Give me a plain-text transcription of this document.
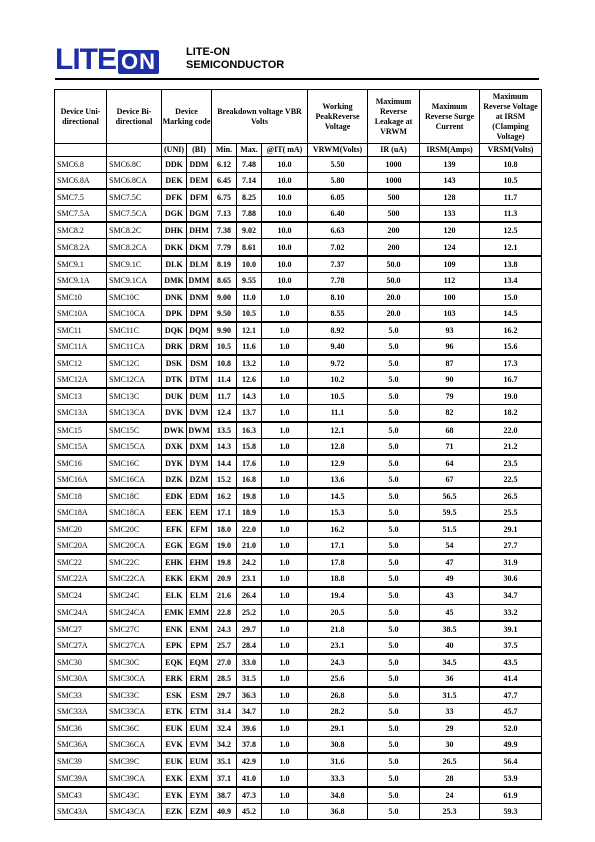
LITE ON	LITE-ON
SEMICONDUCTOR
Device Uni- directional	Device Bi- directional	Device Marking code		Breakdown voltage VBR Volts			Working PeakReverse Voltage	Maximum Reverse Leakage at VRWM	Maximum Reverse Surge Current	Maximum Reverse Voltage at IRSM (Clamping Voltage)
		(UNI)	(BI)	Min.	Max.	@IT( mA)	VRWM(Volts)	IR (uA)	IRSM(Amps)	VRSM(Volts)
SMC6.8	SMC6.8C	DDK	DDM	6.12	7.48	10.0	5.50	1000	139	10.8
SMC6.8A	SMC6.8CA	DEK	DEM	6.45	7.14	10.0	5.80	1000	143	10.5
SMC7.5	SMC7.5C	DFK	DFM	6.75	8.25	10.0	6.05	500	128	11.7
SMC7.5A	SMC7.5CA	DGK	DGM	7.13	7.88	10.0	6.40	500	133	11.3
SMC8.2	SMC8.2C	DHK	DHM	7.38	9.02	10.0	6.63	200	120	12.5
SMC8.2A	SMC8.2CA	DKK	DKM	7.79	8.61	10.0	7.02	200	124	12.1
SMC9.1	SMC9.1C	DLK	DLM	8.19	10.0	10.0	7.37	50.0	109	13.8
SMC9.1A	SMC9.1CA	DMK	DMM	8.65	9.55	10.0	7.78	50.0	112	13.4
SMC10	SMC10C	DNK	DNM	9.00	11.0	1.0	8.10	20.0	100	15.0
SMC10A	SMC10CA	DPK	DPM	9.50	10.5	1.0	8.55	20.0	103	14.5
SMC11	SMC11C	DQK	DQM	9.90	12.1	1.0	8.92	5.0	93	16.2
SMC11A	SMC11CA	DRK	DRM	10.5	11.6	1.0	9.40	5.0	96	15.6
SMC12	SMC12C	DSK	DSM	10.8	13.2	1.0	9.72	5.0	87	17.3
SMC12A	SMC12CA	DTK	DTM	11.4	12.6	1.0	10.2	5.0	90	16.7
SMC13	SMC13C	DUK	DUM	11.7	14.3	1.0	10.5	5.0	79	19.0
SMC13A	SMC13CA	DVK	DVM	12.4	13.7	1.0	11.1	5.0	82	18.2
SMC15	SMC15C	DWK	DWM	13.5	16.3	1.0	12.1	5.0	68	22.0
SMC15A	SMC15CA	DXK	DXM	14.3	15.8	1.0	12.8	5.0	71	21.2
SMC16	SMC16C	DYK	DYM	14.4	17.6	1.0	12.9	5.0	64	23.5
SMC16A	SMC16CA	DZK	DZM	15.2	16.8	1.0	13.6	5.0	67	22.5
SMC18	SMC18C	EDK	EDM	16.2	19.8	1.0	14.5	5.0	56.5	26.5
SMC18A	SMC18CA	EEK	EEM	17.1	18.9	1.0	15.3	5.0	59.5	25.5
SMC20	SMC20C	EFK	EFM	18.0	22.0	1.0	16.2	5.0	51.5	29.1
SMC20A	SMC20CA	EGK	EGM	19.0	21.0	1.0	17.1	5.0	54	27.7
SMC22	SMC22C	EHK	EHM	19.8	24.2	1.0	17.8	5.0	47	31.9
SMC22A	SMC22CA	EKK	EKM	20.9	23.1	1.0	18.8	5.0	49	30.6
SMC24	SMC24C	ELK	ELM	21.6	26.4	1.0	19.4	5.0	43	34.7
SMC24A	SMC24CA	EMK	EMM	22.8	25.2	1.0	20.5	5.0	45	33.2
SMC27	SMC27C	ENK	ENM	24.3	29.7	1.0	21.8	5.0	38.5	39.1
SMC27A	SMC27CA	EPK	EPM	25.7	28.4	1.0	23.1	5.0	40	37.5
SMC30	SMC30C	EQK	EQM	27.0	33.0	1.0	24.3	5.0	34.5	43.5
SMC30A	SMC30CA	ERK	ERM	28.5	31.5	1.0	25.6	5.0	36	41.4
SMC33	SMC33C	ESK	ESM	29.7	36.3	1.0	26.8	5.0	31.5	47.7
SMC33A	SMC33CA	ETK	ETM	31.4	34.7	1.0	28.2	5.0	33	45.7
SMC36	SMC36C	EUK	EUM	32.4	39.6	1.0	29.1	5.0	29	52.0
SMC36A	SMC36CA	EVK	EVM	34.2	37.8	1.0	30.8	5.0	30	49.9
SMC39	SMC39C	EUK	EUM	35.1	42.9	1.0	31.6	5.0	26.5	56.4
SMC39A	SMC39CA	EXK	EXM	37.1	41.0	1.0	33.3	5.0	28	53.9
SMC43	SMC43C	EYK	EYM	38.7	47.3	1.0	34.8	5.0	24	61.9
SMC43A	SMC43CA	EZK	EZM	40.9	45.2	1.0	36.8	5.0	25.3	59.3
